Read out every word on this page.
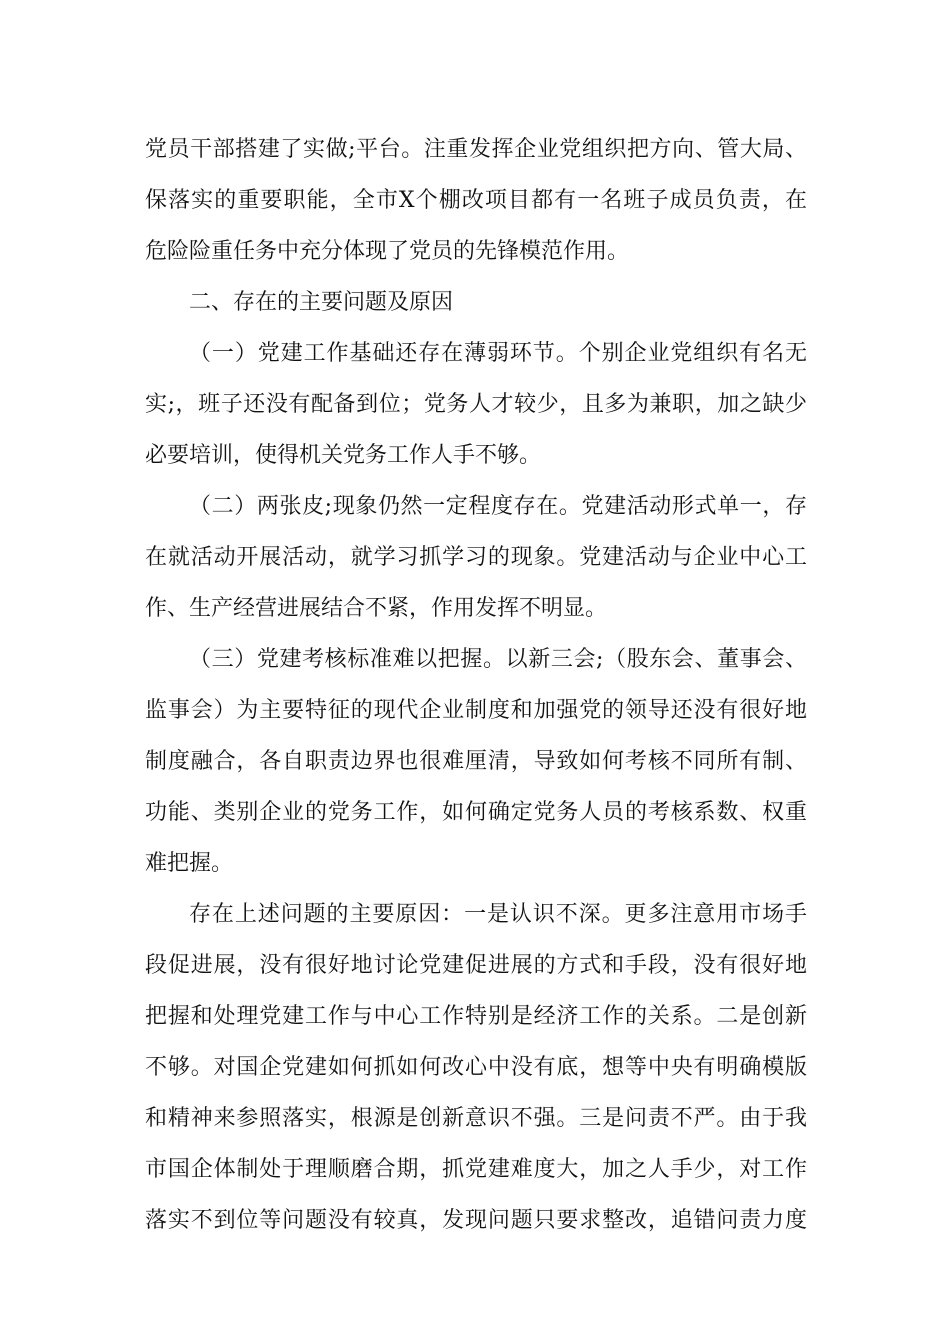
党员干部搭建了实做;平台。注重发挥企业党组织把方向、管大局、
保落实的重要职能，全市X个棚改项目都有一名班子成员负责，在
危险险重任务中充分体现了党员的先锋模范作用。
二、存在的主要问题及原因
（一）党建工作基础还存在薄弱环节。个别企业党组织有名无
实;，班子还没有配备到位；党务人才较少，且多为兼职，加之缺少
必要培训，使得机关党务工作人手不够。
（二）两张皮;现象仍然一定程度存在。党建活动形式单一，存
在就活动开展活动，就学习抓学习的现象。党建活动与企业中心工
作、生产经营进展结合不紧，作用发挥不明显。
（三）党建考核标准难以把握。以新三会;（股东会、董事会、
监事会）为主要特征的现代企业制度和加强党的领导还没有很好地
制度融合，各自职责边界也很难厘清，导致如何考核不同所有制、
功能、类别企业的党务工作，如何确定党务人员的考核系数、权重
难把握。
存在上述问题的主要原因：一是认识不深。更多注意用市场手
段促进展，没有很好地讨论党建促进展的方式和手段，没有很好地
把握和处理党建工作与中心工作特别是经济工作的关系。二是创新
不够。对国企党建如何抓如何改心中没有底，想等中央有明确模版
和精神来参照落实，根源是创新意识不强。三是问责不严。由于我
市国企体制处于理顺磨合期，抓党建难度大，加之人手少，对工作
落实不到位等问题没有较真，发现问题只要求整改，追错问责力度
